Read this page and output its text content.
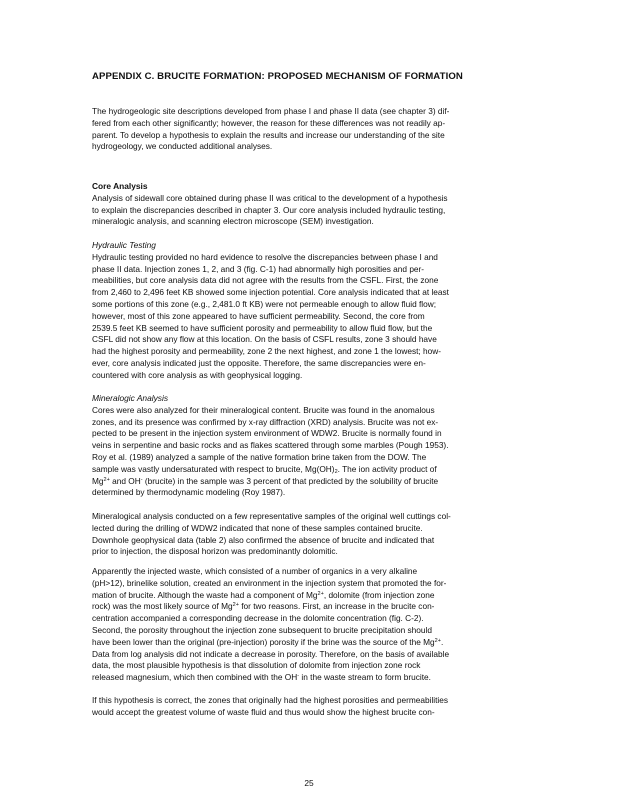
APPENDIX C. BRUCITE FORMATION: PROPOSED MECHANISM OF FORMATION
The hydrogeologic site descriptions developed from phase I and phase II data (see chapter 3) dif-
fered from each other significantly; however, the reason for these differences was not readily ap-
parent. To develop a hypothesis to explain the results and increase our understanding of the site
hydrogeology, we conducted additional analyses.
Core Analysis
Analysis of sidewall core obtained during phase II was critical to the development of a hypothesis
to explain the discrepancies described in chapter 3. Our core analysis included hydraulic testing,
mineralogic analysis, and scanning electron microscope (SEM) investigation.
Hydraulic Testing
Hydraulic testing provided no hard evidence to resolve the discrepancies between phase I and
phase II data. Injection zones 1, 2, and 3 (fig. C-1) had abnormally high porosities and per-
meabilities, but core analysis data did not agree with the results from the CSFL. First, the zone
from 2,460 to 2,496 feet KB showed some injection potential. Core analysis indicated that at least
some portions of this zone (e.g., 2,481.0 ft KB) were not permeable enough to allow fluid flow;
however, most of this zone appeared to have sufficient permeability. Second, the core from
2539.5 feet KB seemed to have sufficient porosity and permeability to allow fluid flow, but the
CSFL did not show any flow at this location. On the basis of CSFL results, zone 3 should have
had the highest porosity and permeability, zone 2 the next highest, and zone 1 the lowest; how-
ever, core analysis indicated just the opposite. Therefore, the same discrepancies were en-
countered with core analysis as with geophysical logging.
Mineralogic Analysis
Cores were also analyzed for their mineralogical content. Brucite was found in the anomalous
zones, and its presence was confirmed by x-ray diffraction (XRD) analysis. Brucite was not ex-
pected to be present in the injection system environment of WDW2. Brucite is normally found in
veins in serpentine and basic rocks and as flakes scattered through some marbles (Pough 1953).
Roy et al. (1989) analyzed a sample of the native formation brine taken from the DOW. The
sample was vastly undersaturated with respect to brucite, $Mg(OH)_2$. The ion activity product of
$Mg^{2+}$ and OH- (brucite) in the sample was 3 percent of that predicted by the solubility of brucite
determined by thermodynamic modeling (Roy 1987).
Mineralogical analysis conducted on a few representative samples of the original well cuttings col-
lected during the drilling of WDW2 indicated that none of these samples contained brucite.
Downhole geophysical data (table 2) also confirmed the absence of brucite and indicated that
prior to injection, the disposal horizon was predominantly dolomitic.
Apparently the injected waste, which consisted of a number of organics in a very alkaline
(pH>12), brinelike solution, created an environment in the injection system that promoted the for-
mation of brucite. Although the waste had a component of $Mg^{2+}$, dolomite (from injection zone
rock) was the most likely source of $Mg^{2+}$ for two reasons. First, an increase in the brucite con-
centration accompanied a corresponding decrease in the dolomite concentration (fig. C-2).
Second, the porosity throughout the injection zone subsequent to brucite precipitation should
have been lower than the original (pre-injection) porosity if the brine was the source of the $Mg^{2+}$.
Data from log analysis did not indicate a decrease in porosity. Therefore, on the basis of available
data, the most plausible hypothesis is that dissolution of dolomite from injection zone rock
released magnesium, which then combined with the OH- in the waste stream to form brucite.
If this hypothesis is correct, the zones that originally had the highest porosities and permeabilities
would accept the greatest volume of waste fluid and thus would show the highest brucite con-
25
